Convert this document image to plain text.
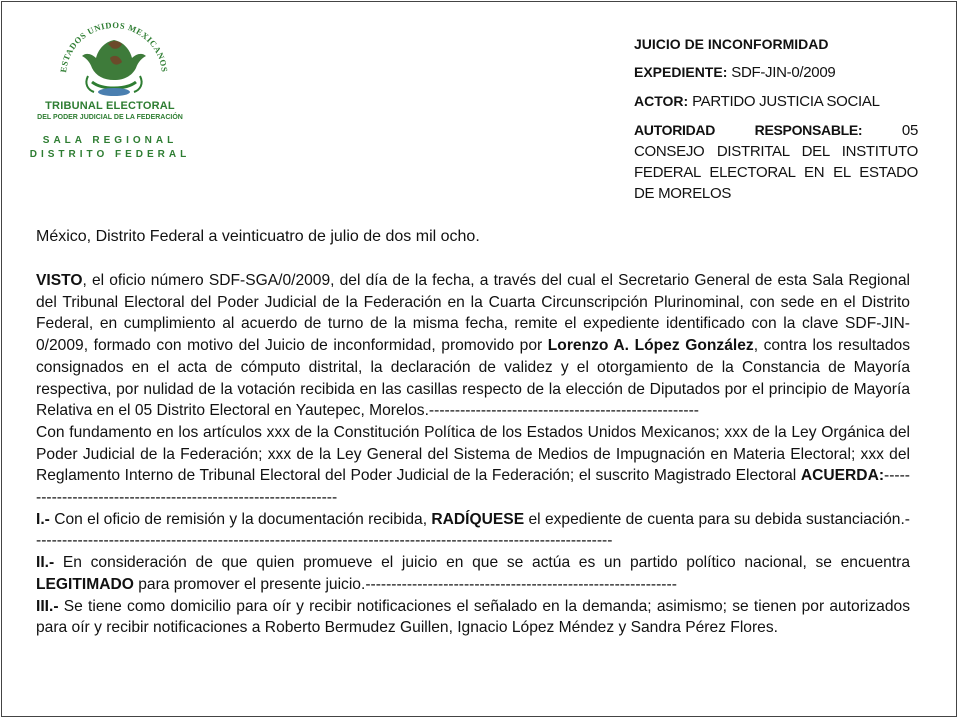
ESTADOS UNIDOS MEXICANOS
TRIBUNAL ELECTORAL
DEL PODER JUDICIAL DE LA FEDERACIÓN
SALA REGIONAL
DISTRITO FEDERAL
JUICIO DE INCONFORMIDAD
EXPEDIENTE: SDF-JIN-0/2009
ACTOR: PARTIDO JUSTICIA SOCIAL
AUTORIDAD RESPONSABLE:	05 CONSEJO DISTRITAL DEL INSTITUTO FEDERAL ELECTORAL EN EL ESTADO DE MORELOS
México, Distrito Federal a veinticuatro de julio de dos mil ocho.

VISTO, el oficio número SDF-SGA/0/2009, del día de la fecha, a través del cual el Secretario General de esta Sala Regional del Tribunal Electoral del Poder Judicial de la Federación en la Cuarta Circunscripción Plurinominal, con sede en el Distrito Federal, en cumplimiento al acuerdo de turno de la misma fecha, remite el expediente identificado con la clave SDF-JIN-0/2009, formado con motivo del Juicio de inconformidad, promovido por Lorenzo A. López González, contra los resultados consignados en el acta de cómputo distrital, la declaración de validez y el otorgamiento de la Constancia de Mayoría respectiva, por nulidad de la votación recibida en las casillas respecto de la elección de Diputados por el principio de Mayoría Relativa en el 05 Distrito Electoral en Yautepec, Morelos.----------------------------------------------------

Con fundamento en los artículos xxx de la Constitución Política de los Estados Unidos Mexicanos; xxx de la Ley Orgánica del Poder Judicial de la Federación; xxx de la Ley General del Sistema de Medios de Impugnación en Materia Electoral; xxx del Reglamento Interno de Tribunal Electoral del Poder Judicial de la Federación; el suscrito Magistrado Electoral ACUERDA:---------------------------------------------------------------

I.- Con el oficio de remisión y la documentación recibida, RADÍQUESE el expediente de cuenta para su debida sustanciación.----------------------------------------------------------------------------------------------------------------

II.- En consideración de que quien promueve el juicio en que se actúa es un partido político nacional, se encuentra LEGITIMADO para promover el presente juicio.------------------------------------------------------------

III.- Se tiene como domicilio para oír y recibir notificaciones el señalado en la demanda; asimismo; se tienen por autorizados para oír y recibir notificaciones a Roberto Bermudez Guillen, Ignacio López Méndez y Sandra Pérez Flores.
